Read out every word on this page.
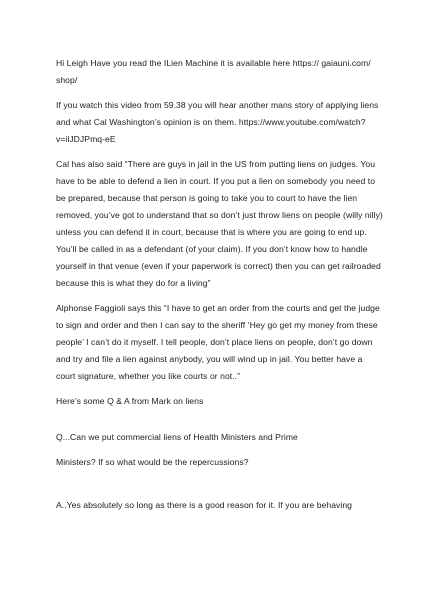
Hi Leigh Have you read the ILien Machine it is available here https:// gaiauni.com/
shop/

If you watch this video from 59.38 you will hear another mans story of applying liens
and what Cal Washington’s opinion is on them. https://www.youtube.com/watch?
v=ilJDJPmq-eE

Cal has also said “There are guys in jail in the US from putting liens on judges. You
have to be able to defend a lien in court. If you put a lien on somebody you need to
be prepared, because that person is going to take you to court to have the lien
removed, you’ve got to understand that so don’t just throw liens on people (willy nilly)
unless you can defend it in court, because that is where you are going to end up.
You’ll be called in as a defendant (of your claim). If you don’t know how to handle
yourself in that venue (even if your paperwork is correct) then you can get railroaded
because this is what they do for a living”

Alphonse Faggioli says this “I have to get an order from the courts and get the judge
to sign and order and then I can say to the sheriff ‘Hey go get my money from these
people’ I can’t do it myself. I tell people, don’t place liens on people, don’t go down
and try and file a lien against anybody, you will wind up in jail. You better have a
court signature, whether you like courts or not..”

Here’s some Q & A from Mark on liens

Q...Can we put commercial liens of Health Ministers and Prime

Ministers? If so what would be the repercussions?

A..Yes absolutely so long as there is a good reason for it. If you are behaving
